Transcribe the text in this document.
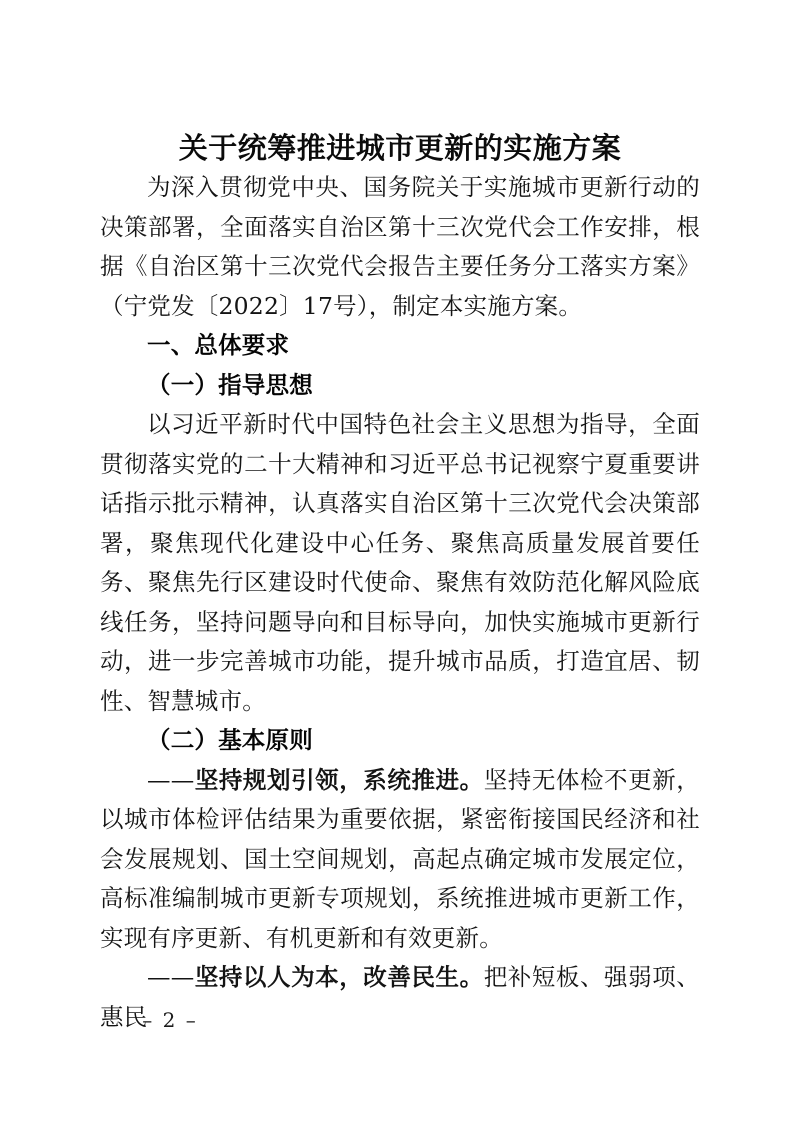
关于统筹推进城市更新的实施方案

为深入贯彻党中央、国务院关于实施城市更新行动的决策部署，全面落实自治区第十三次党代会工作安排，根据《自治区第十三次党代会报告主要任务分工落实方案》（宁党发〔2022〕17号），制定本实施方案。

一、总体要求

（一）指导思想

以习近平新时代中国特色社会主义思想为指导，全面贯彻落实党的二十大精神和习近平总书记视察宁夏重要讲话指示批示精神，认真落实自治区第十三次党代会决策部署，聚焦现代化建设中心任务、聚焦高质量发展首要任务、聚焦先行区建设时代使命、聚焦有效防范化解风险底线任务，坚持问题导向和目标导向，加快实施城市更新行动，进一步完善城市功能，提升城市品质，打造宜居、韧性、智慧城市。

（二）基本原则

——坚持规划引领，系统推进。坚持无体检不更新，以城市体检评估结果为重要依据，紧密衔接国民经济和社会发展规划、国土空间规划，高起点确定城市发展定位，高标准编制城市更新专项规划，系统推进城市更新工作，实现有序更新、有机更新和有效更新。

——坚持以人为本，改善民生。把补短板、强弱项、惠民

– 2 –
